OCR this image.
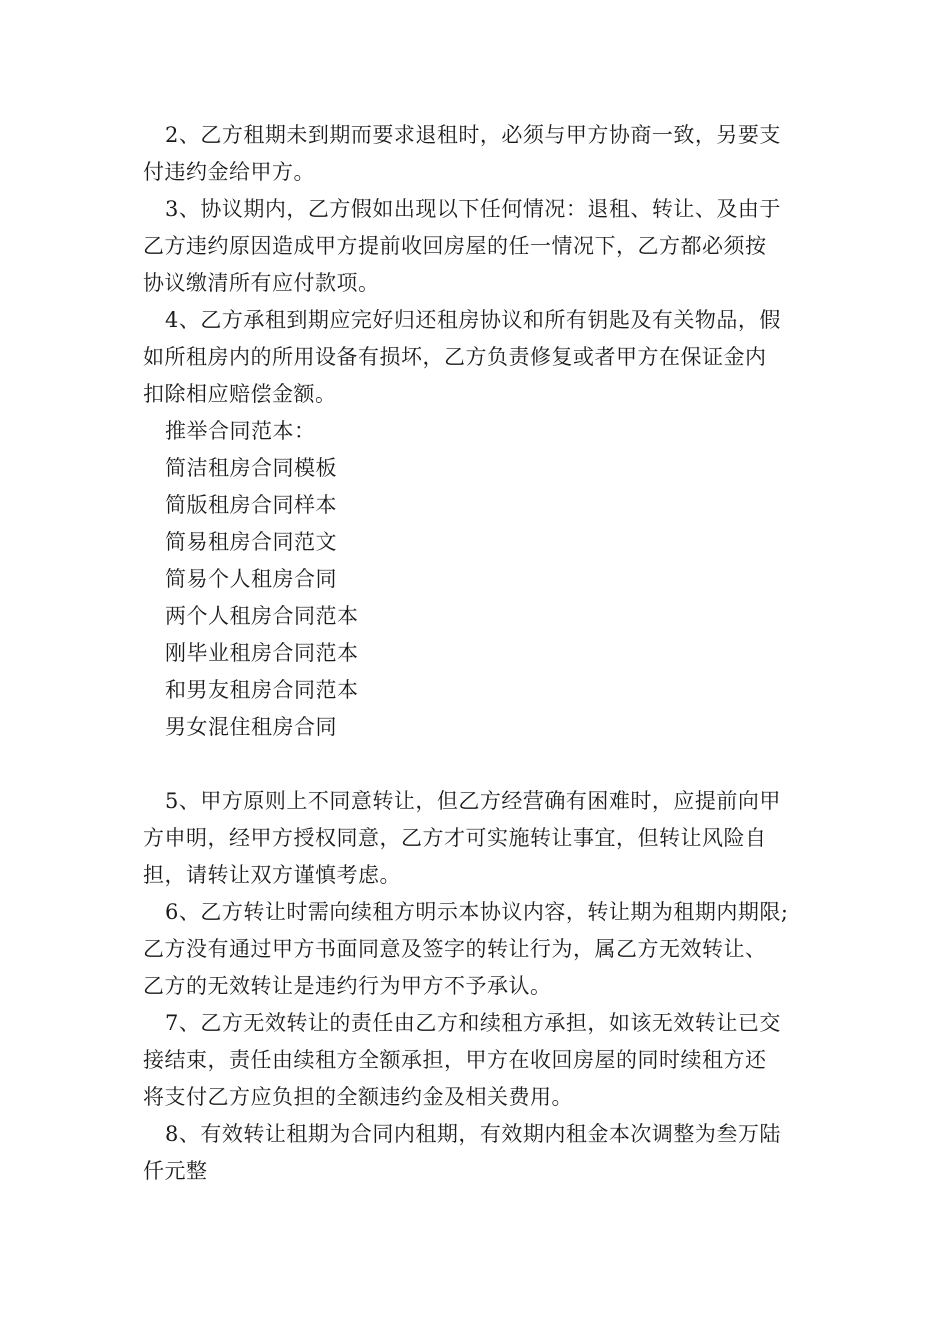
2、乙方租期未到期而要求退租时，必须与甲方协商一致，另要支
付违约金给甲方。

3、协议期内，乙方假如出现以下任何情况：退租、转让、及由于
乙方违约原因造成甲方提前收回房屋的任一情况下，乙方都必须按
协议缴清所有应付款项。

4、乙方承租到期应完好归还租房协议和所有钥匙及有关物品，假
如所租房内的所用设备有损坏，乙方负责修复或者甲方在保证金内
扣除相应赔偿金额。

推举合同范本：

简洁租房合同模板

简版租房合同样本

简易租房合同范文

简易个人租房合同

两个人租房合同范本

刚毕业租房合同范本

和男友租房合同范本

男女混住租房合同

5、甲方原则上不同意转让，但乙方经营确有困难时，应提前向甲
方申明，经甲方授权同意，乙方才可实施转让事宜，但转让风险自
担，请转让双方谨慎考虑。

6、乙方转让时需向续租方明示本协议内容，转让期为租期内期限;
乙方没有通过甲方书面同意及签字的转让行为，属乙方无效转让、
乙方的无效转让是违约行为甲方不予承认。

7、乙方无效转让的责任由乙方和续租方承担，如该无效转让已交
接结束，责任由续租方全额承担，甲方在收回房屋的同时续租方还
将支付乙方应负担的全额违约金及相关费用。

8、有效转让租期为合同内租期，有效期内租金本次调整为叁万陆
仟元整
